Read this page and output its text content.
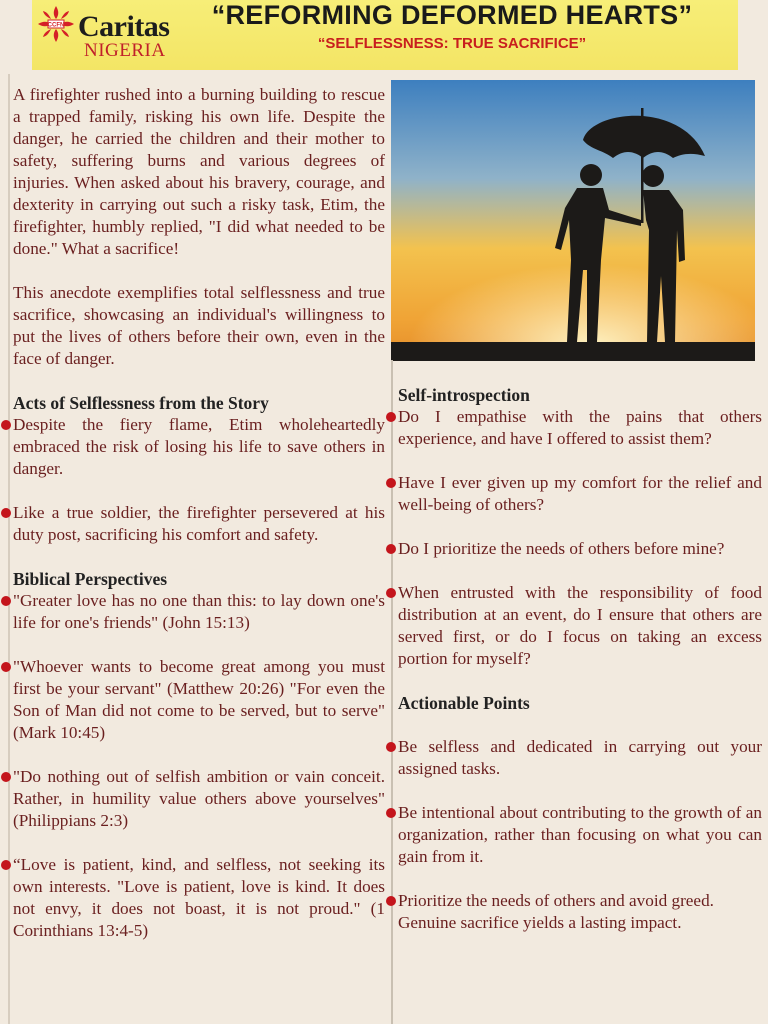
CCFN Caritas
NIGERIA
“REFORMING DEFORMED HEARTS”
“SELFLESSNESS: TRUE SACRIFICE”

A firefighter rushed into a burning building to rescue a trapped family, risking his own life. Despite the danger, he carried the children and their mother to safety, suffering burns and various degrees of injuries. When asked about his bravery, courage, and dexterity in carrying out such a risky task, Etim, the firefighter, humbly replied, "I did what needed to be done." What a sacrifice!

This anecdote exemplifies total selflessness and true sacrifice, showcasing an individual's willingness to put the lives of others before their own, even in the face of danger.

Acts of Selflessness from the Story

Despite the fiery flame, Etim wholeheartedly embraced the risk of losing his life to save others in danger.

Like a true soldier, the firefighter persevered at his duty post, sacrificing his comfort and safety.

Biblical Perspectives

"Greater love has no one than this: to lay down one's life for one's friends" (John 15:13)

"Whoever wants to become great among you must first be your servant" (Matthew 20:26) "For even the Son of Man did not come to be served, but to serve" (Mark 10:45)

"Do nothing out of selfish ambition or vain conceit. Rather, in humility value others above yourselves" (Philippians 2:3)

“Love is patient, kind, and selfless, not seeking its own interests. "Love is patient, love is kind. It does not envy, it does not boast, it is not proud." (1 Corinthians 13:4-5)

Self-introspection

Do I empathise with the pains that others experience, and have I offered to assist them?

Have I ever given up my comfort for the relief and well-being of others?

Do I prioritize the needs of others before mine?

When entrusted with the responsibility of food distribution at an event, do I ensure that others are served first, or do I focus on taking an excess portion for myself?

Actionable Points

Be selfless and dedicated in carrying out your assigned tasks.

Be intentional about contributing to the growth of an organization, rather than focusing on what you can gain from it.

Prioritize the needs of others and avoid greed.

Genuine sacrifice yields a lasting impact.
